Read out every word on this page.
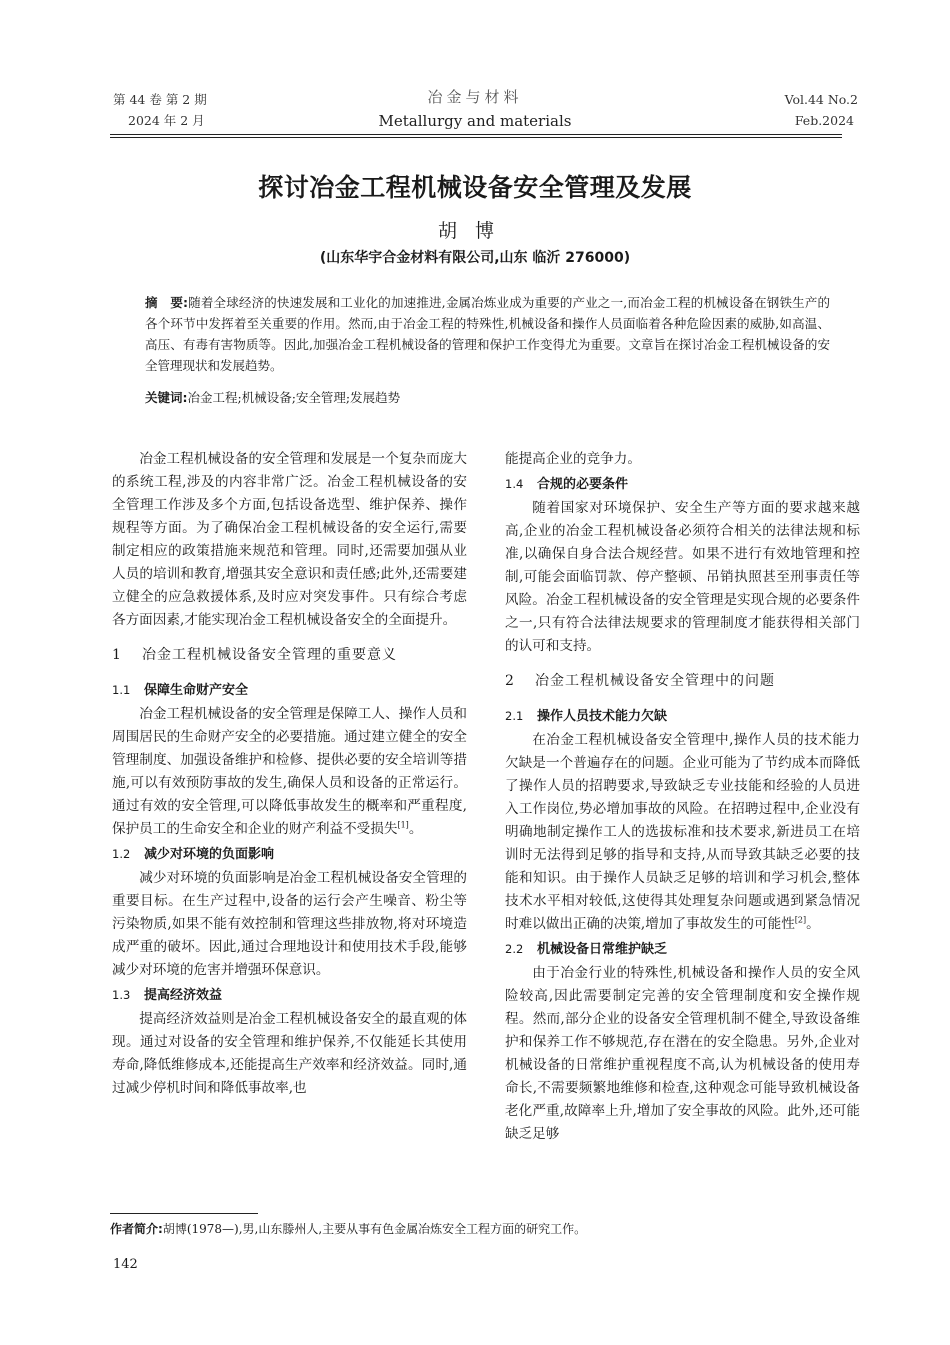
第 44 卷 第 2 期
2024 年 2 月
冶金与材料
Metallurgy and materials
Vol.44 No.2
Feb.2024
探讨冶金工程机械设备安全管理及发展
胡博
(山东华宇合金材料有限公司,山东 临沂 276000)
摘　要:随着全球经济的快速发展和工业化的加速推进,金属冶炼业成为重要的产业之一,而冶金工程的机械设备在钢铁生产的各个环节中发挥着至关重要的作用。然而,由于冶金工程的特殊性,机械设备和操作人员面临着各种危险因素的威胁,如高温、高压、有毒有害物质等。因此,加强冶金工程机械设备的管理和保护工作变得尤为重要。文章旨在探讨冶金工程机械设备的安全管理现状和发展趋势。
关键词:冶金工程;机械设备;安全管理;发展趋势

冶金工程机械设备的安全管理和发展是一个复杂而庞大的系统工程,涉及的内容非常广泛。冶金工程机械设备的安全管理工作涉及多个方面,包括设备选型、维护保养、操作规程等方面。为了确保冶金工程机械设备的安全运行,需要制定相应的政策措施来规范和管理。同时,还需要加强从业人员的培训和教育,增强其安全意识和责任感;此外,还需要建立健全的应急救援体系,及时应对突发事件。只有综合考虑各方面因素,才能实现冶金工程机械设备安全的全面提升。

1 冶金工程机械设备安全管理的重要意义
1.1 保障生命财产安全

冶金工程机械设备的安全管理是保障工人、操作人员和周围居民的生命财产安全的必要措施。通过建立健全的安全管理制度、加强设备维护和检修、提供必要的安全培训等措施,可以有效预防事故的发生,确保人员和设备的正常运行。通过有效的安全管理,可以降低事故发生的概率和严重程度,保护员工的生命安全和企业的财产利益不受损失[1]。

1.2 减少对环境的负面影响

减少对环境的负面影响是冶金工程机械设备安全管理的重要目标。在生产过程中,设备的运行会产生噪音、粉尘等污染物质,如果不能有效控制和管理这些排放物,将对环境造成严重的破坏。因此,通过合理地设计和使用技术手段,能够减少对环境的危害并增强环保意识。

1.3 提高经济效益

提高经济效益则是冶金工程机械设备安全的最直观的体现。通过对设备的安全管理和维护保养,不仅能延长其使用寿命,降低维修成本,还能提高生产效率和经济效益。同时,通过减少停机时间和降低事故率,也

能提高企业的竞争力。

1.4 合规的必要条件

随着国家对环境保护、安全生产等方面的要求越来越高,企业的冶金工程机械设备必须符合相关的法律法规和标准,以确保自身合法合规经营。如果不进行有效地管理和控制,可能会面临罚款、停产整顿、吊销执照甚至刑事责任等风险。冶金工程机械设备的安全管理是实现合规的必要条件之一,只有符合法律法规要求的管理制度才能获得相关部门的认可和支持。

2 冶金工程机械设备安全管理中的问题
2.1 操作人员技术能力欠缺

在冶金工程机械设备安全管理中,操作人员的技术能力欠缺是一个普遍存在的问题。企业可能为了节约成本而降低了操作人员的招聘要求,导致缺乏专业技能和经验的人员进入工作岗位,势必增加事故的风险。在招聘过程中,企业没有明确地制定操作工人的选拔标准和技术要求,新进员工在培训时无法得到足够的指导和支持,从而导致其缺乏必要的技能和知识。由于操作人员缺乏足够的培训和学习机会,整体技术水平相对较低,这使得其处理复杂问题或遇到紧急情况时难以做出正确的决策,增加了事故发生的可能性[2]。

2.2 机械设备日常维护缺乏

由于冶金行业的特殊性,机械设备和操作人员的安全风险较高,因此需要制定完善的安全管理制度和安全操作规程。然而,部分企业的设备安全管理机制不健全,导致设备维护和保养工作不够规范,存在潜在的安全隐患。另外,企业对机械设备的日常维护重视程度不高,认为机械设备的使用寿命长,不需要频繁地维修和检查,这种观念可能导致机械设备老化严重,故障率上升,增加了安全事故的风险。此外,还可能缺乏足够

作者简介:胡博(1978—),男,山东滕州人,主要从事有色金属冶炼安全工程方面的研究工作。
142
